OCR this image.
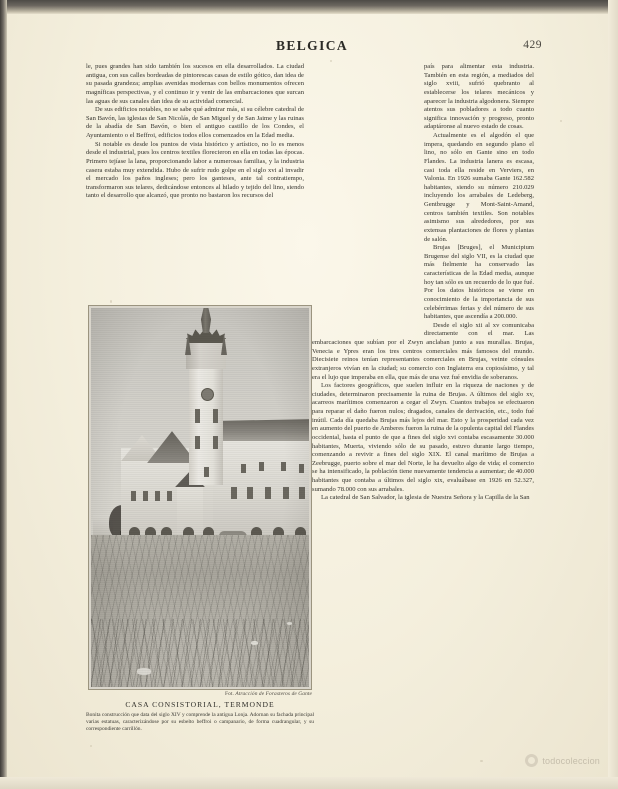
BELGICA	429

le, pues grandes han sido también los sucesos en ella desarrollados. La ciudad antigua, con sus calles bordeadas de pintorescas casas de estilo gótico, dan idea de su pasada grandeza; amplias avenidas modernas con bellos monumentos ofrecen magníficas perspectivas, y el continuo ir y venir de las embarcaciones que surcan las aguas de sus canales dan idea de su actividad comercial.

De sus edificios notables, no se sabe qué admirar más, si su célebre catedral de San Bavón, las iglesias de San Nicolás, de San Miguel y de San Jaime y las ruinas de la abadía de San Bavón, o bien el antiguo castillo de los Condes, el Ayuntamiento o el Beffroi, edificios todos ellos comenzados en la Edad media.

Si notable es desde los puntos de vista histórico y artístico, no lo es menos desde el industrial, pues los centros textiles florecieron en ella en todas las épocas. Primero tejíase la lana, proporcionando labor a numerosas familias, y la industria casera estaba muy extendida. Hubo de sufrir rudo golpe en el siglo xvi al invadir el mercado los paños ingleses; pero los ganteses, ante tal contratiempo, transformaron sus telares, dedicándose entonces al hilado y tejido del lino, siendo tanto el desarrollo que alcanzó, que pronto no bastaron los recursos del

país para alimentar esta industria. También en esta región, a mediados del siglo xviii, sufrió quebranto al establecerse los telares mecánicos y aparecer la industria algodonera. Siempre atentos sus pobladores a todo cuanto significa innovación y progreso, pronto adaptáronse al nuevo estado de cosas.

Actualmente es el algodón el que impera, quedando en segundo plano el lino, no sólo en Gante sino en todo Flandes. La industria lanera es escasa, casi toda ella reside en Verviers, en Valonia. En 1926 sumaba Gante 162.582 habitantes, siendo su número 210.029 incluyendo los arrabales de Ledeberg, Gentbrugge y Mont-Saint-Amand, centros también textiles. Son notables asimismo sus alrededores, por sus extensas plantaciones de flores y plantas de salón.

Brujas [Bruges], el Municipium Brugense del siglo VII, es la ciudad que más fielmente ha conservado las características de la Edad media, aunque hoy tan sólo es un recuerdo de lo que fué. Por los datos históricos se viene en conocimiento de la importancia de sus celebérrimas ferias y del número de sus habitantes, que ascendía a 200.000.

Desde el siglo xii al xv comunicaba directamente con el mar. Las embarcaciones que subían por el Zwyn anclaban junto a sus murallas. Brujas, Venecia e Ypres eran los tres centros comerciales más famosos del mundo. Diecisiete reinos tenían representantes comerciales en Brujas, veinte cónsules extranjeros vivían en la ciudad; su comercio con Inglaterra era copiosísimo, y tal era el lujo que imperaba en ella, que más de una vez fué envidia de soberanos.

Los factores geográficos, que suelen influir en la riqueza de naciones y de ciudades, determinaron precisamente la ruina de Brujas. A últimos del siglo xv, acarreos marítimos comenzaron a cegar el Zwyn. Cuantos trabajos se efectuaron para reparar el daño fueron nulos; dragados, canales de derivación, etc., todo fué inútil. Cada día quedaba Brujas más lejos del mar. Esto y la prosperidad cada vez en aumento del puerto de Amberes fueron la ruina de la opulenta capital del Flandes occidental, hasta el punto de que a fines del siglo xvi contaba escasamente 30.000 habitantes, Muerta, viviendo sólo de su pasado, estuvo durante largo tiempo, comenzando a revivir a fines del siglo XIX. El canal marítimo de Brujas a Zeebrugge, puerto sobre el mar del Norte, le ha devuelto algo de vida; el comercio se ha intensificado, la población tiene nuevamente tendencia a aumentar; de 40.000 habitantes que contaba a últimos del siglo xix, evaluábase en 1926 en 52.327, sumando 78.000 con sus arrabales.

La catedral de San Salvador, la iglesia de Nuestra Señora y la Capilla de la San

Fot. Atracción de Forasteros de Gante
CASA CONSISTORIAL, TERMONDE
Bonita construcción que data del siglo XIV y comprende la antigua Lonja. Adornan su fachada principal varias estatuas, caracterizándose por su esbelto beffroi o campanario, de forma cuadrangular, y su correspondiente carrillón.
todocoleccion
